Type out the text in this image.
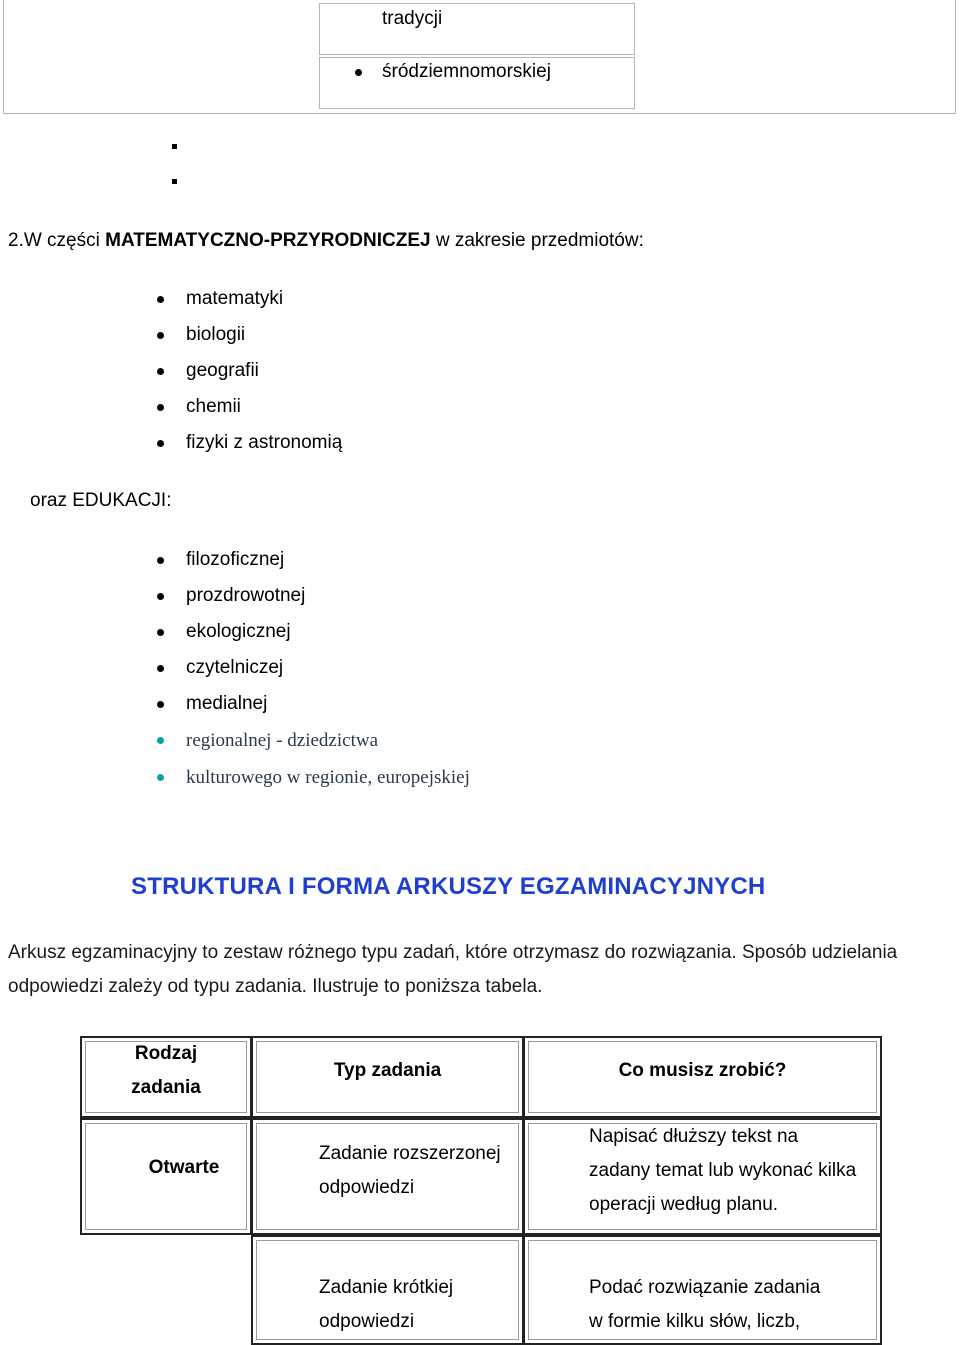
tradycji
śródziemnomorskiej
2.W części MATEMATYCZNO-PRZYRODNICZEJ w zakresie przedmiotów:
matematyki
biologii
geografii
chemii
fizyki z astronomią
oraz EDUKACJI:
filozoficznej
prozdrowotnej
ekologicznej
czytelniczej
medialnej
regionalnej - dziedzictwa
kulturowego w regionie, europejskiej
STRUKTURA I FORMA ARKUSZY EGZAMINACYJNYCH
Arkusz egzaminacyjny to zestaw różnego typu zadań, które otrzymasz do rozwiązania. Sposób udzielania
odpowiedzi zależy od typu zadania. Ilustruje to poniższa tabela.
Rodzaj
zadania
Typ zadania	Co musisz zrobić?
Otwarte
Zadanie rozszerzonej
odpowiedzi
Napisać dłuższy tekst na
zadany temat lub wykonać kilka
operacji według planu.
Zadanie krótkiej
odpowiedzi
Podać rozwiązanie zadania
w formie kilku słów, liczb,
